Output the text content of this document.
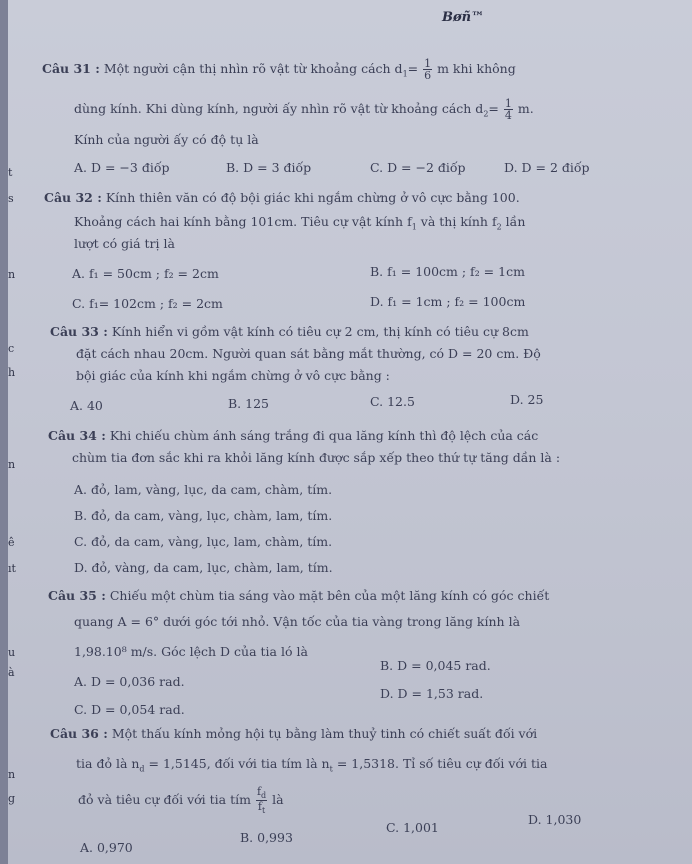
Bøñ™
t
s
n
c
h
n
ê
ıt
u
à
n
g
Câu 31 : Một người cận thị nhìn rõ vật từ khoảng cách $d_1= \frac{1}{6}$ m khi không
dùng kính. Khi dùng kính, người ấy nhìn rõ vật từ khoảng cách $d_2= \frac{1}{4} m$.
Kính của người ấy có độ tụ là
A. D = −3 điốp	B. D = 3 điốp	C. D = −2 điốp	D. D = 2 điốp
Câu 32 : Kính thiên văn có độ bội giác khi ngắm chừng ở vô cực bằng 100.
Khoảng cách hai kính bằng 101cm. Tiêu cự vật kính $f_1$ và thị kính $f_2$ lần
lượt có giá trị là
A. f₁ = 50cm ; f₂ = 2cm	B. f₁ = 100cm ; f₂ = 1cm
C. f₁= 102cm ; f₂ = 2cm	D. f₁ = 1cm ; f₂ = 100cm
Câu 33 : Kính hiển vi gồm vật kính có tiêu cự 2 cm, thị kính có tiêu cự 8cm
đặt cách nhau 20cm. Người quan sát bằng mắt thường, có D = 20 cm. Độ
bội giác của kính khi ngắm chừng ở vô cực bằng :
A. 40	B. 125	C. 12.5	D. 25
Câu 34 : Khi chiếu chùm ánh sáng trắng đi qua lăng kính thì độ lệch của các
chùm tia đơn sắc khi ra khỏi lăng kính được sắp xếp theo thứ tự tăng dần là :
A. đỏ, lam, vàng, lục, da cam, chàm, tím.
B. đỏ, da cam, vàng, lục, chàm, lam, tím.
C. đỏ, da cam, vàng, lục, lam, chàm, tím.
D. đỏ, vàng, da cam, lục, chàm, lam, tím.
Câu 35 : Chiếu một chùm tia sáng vào mặt bên của một lăng kính có góc chiết
quang A = 6° dưới góc tới nhỏ. Vận tốc của tia vàng trong lăng kính là
1,98.10⁸ m/s. Góc lệch D của tia ló là
A. D = 0,036 rad.
B. D = 0,045 rad.
C. D = 0,054 rad.
D. D = 1,53 rad.
Câu 36 : Một thấu kính mỏng hội tụ bằng làm thuỷ tinh có chiết suất đối với
tia đỏ là $n_d = 1,5145$, đối với tia tím là $n_t = 1,5318$. Tỉ số tiêu cự đối với tia
đỏ và tiêu cự đối với tia tím $\frac{f_d}{f_t}$ là
A. 0,970
B. 0,993
C. 1,001
D. 1,030
